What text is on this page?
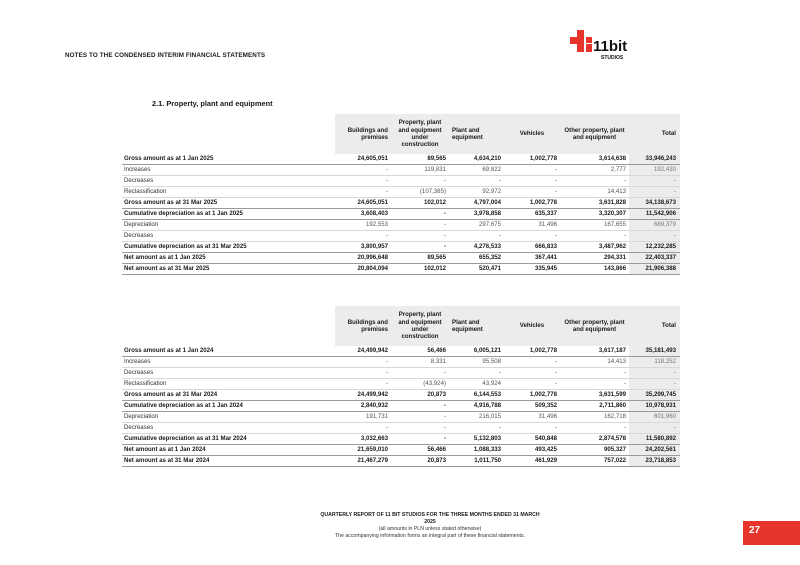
NOTES TO THE CONDENSED INTERIM FINANCIAL STATEMENTS
11bit
STUDIOS
2.1. Property, plant and equipment
	Buildings and premises	Property, plant and equipment under construction	Plant and equipment	Vehicles	Other property, plant and equipment	Total
Gross amount as at 1 Jan 2025	24,605,051	89,565	4,634,210	1,002,778	3,614,638	33,946,243
Increases	-	119,831	69,822	-	2,777	192,430
Decreases	-	-	-	-	-	-
Reclassification	-	(107,385)	92,972	-	14,413	-
Gross amount as at 31 Mar 2025	24,605,051	102,012	4,797,004	1,002,778	3,631,828	34,138,673
Cumulative depreciation as at 1 Jan 2025	3,608,403	-	3,978,858	635,337	3,320,307	11,542,906
Depreciation	192,553	-	297,675	31,496	167,655	689,379
Decreases	-	-	-	-	-	-
Cumulative depreciation as at 31 Mar 2025	3,800,957	-	4,276,533	666,833	3,487,962	12,232,285
Net amount as at 1 Jan 2025	20,996,648	89,565	655,352	367,441	294,331	22,403,337
Net amount as at 31 Mar 2025	20,804,094	102,012	520,471	335,945	143,866	21,906,388
	Buildings and premises	Property, plant and equipment under construction	Plant and equipment	Vehicles	Other property, plant and equipment	Total
Gross amount as at 1 Jan 2024	24,499,942	56,466	6,005,121	1,002,778	3,617,187	35,181,493
Increases	-	8,331	95,508	-	14,413	118,252
Decreases	-	-	-	-	-	-
Reclassification	-	(43,924)	43,924	-	-	-
Gross amount as at 31 Mar 2024	24,499,942	20,873	6,144,553	1,002,778	3,631,599	35,299,745
Cumulative depreciation as at 1 Jan 2024	2,840,932	-	4,916,788	509,352	2,711,860	10,978,931
Depreciation	191,731	-	216,015	31,496	162,718	601,960
Decreases	-	-	-	-	-	-
Cumulative depreciation as at 31 Mar 2024	3,032,663	-	5,132,803	540,848	2,874,578	11,580,892
Net amount as at 1 Jan 2024	21,659,010	56,466	1,088,333	493,425	905,327	24,202,561
Net amount as at 31 Mar 2024	21,467,279	20,873	1,011,750	461,929	757,022	23,718,853
QUARTERLY REPORT OF 11 BIT STUDIOS FOR THE THREE MONTHS ENDED 31 MARCH
2025
(all amounts in PLN unless stated otherwise)
The accompanying information forms an integral part of these financial statements.	27
